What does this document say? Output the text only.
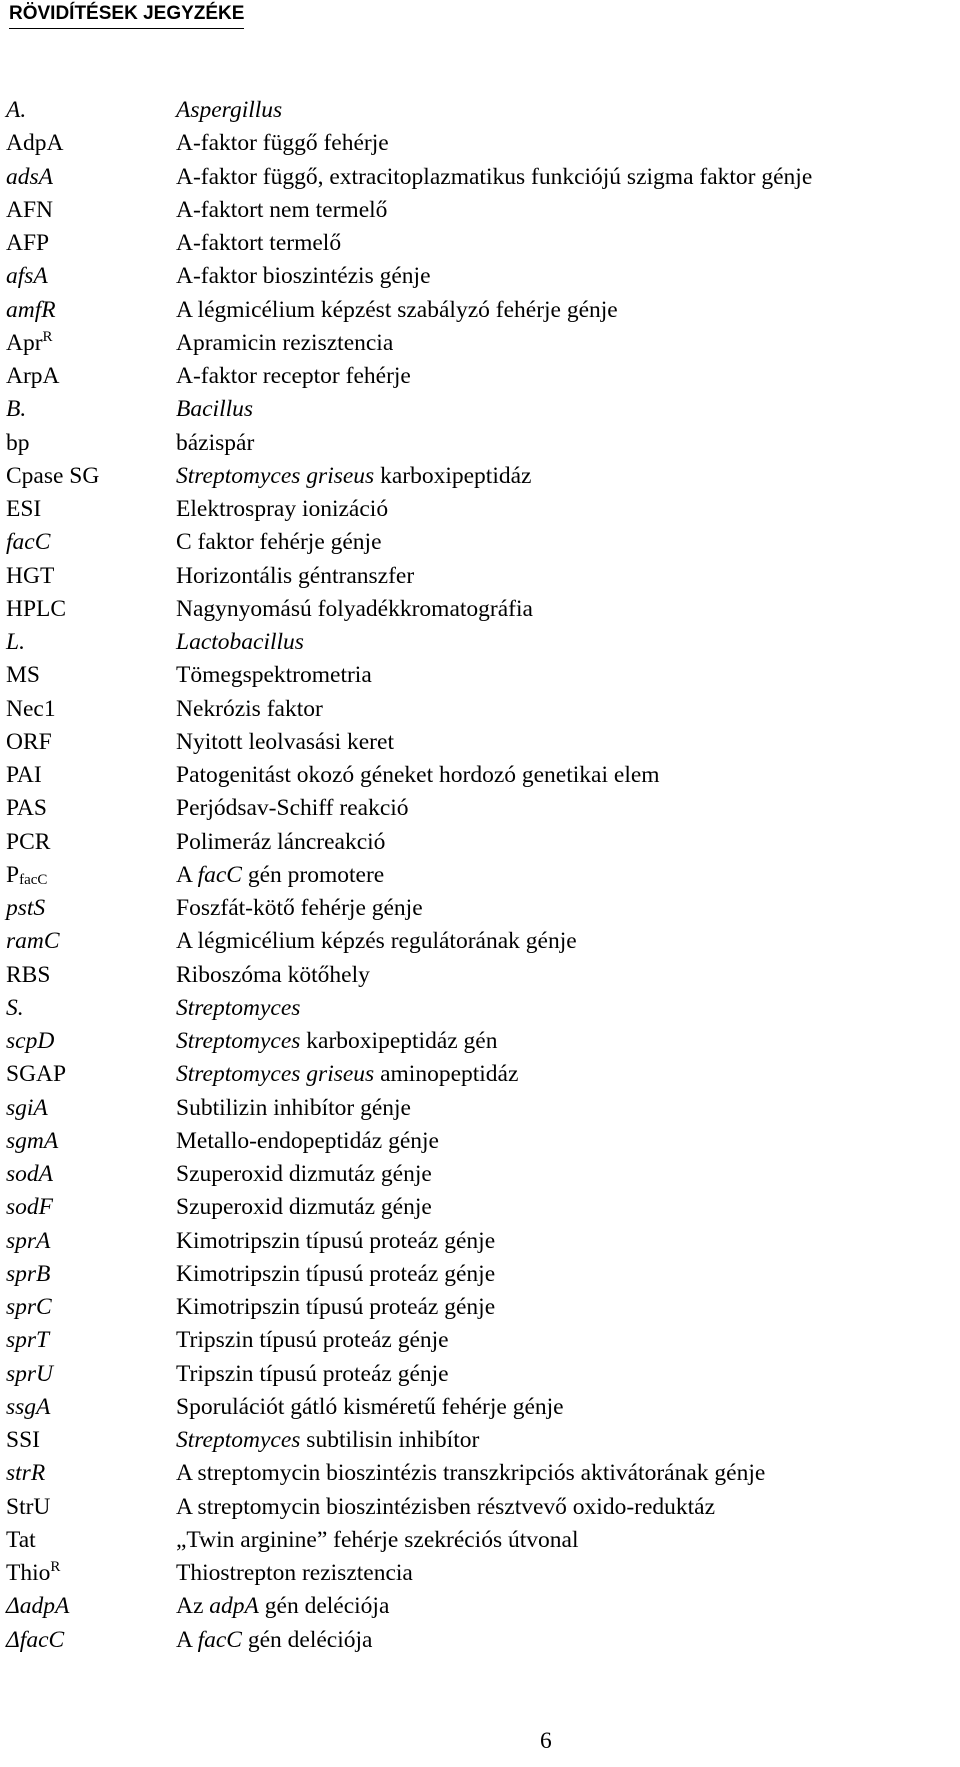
RÖVIDÍTÉSEK JEGYZÉKE
A.	Aspergillus
AdpA	A-faktor függő fehérje
adsA	A-faktor függő, extracitoplazmatikus funkciójú szigma faktor génje
AFN	A-faktort nem termelő
AFP	A-faktort termelő
afsA	A-faktor bioszintézis génje
amfR	A légmicélium képzést szabályzó fehérje génje
Apr$^R$	Apramicin rezisztencia
ArpA	A-faktor receptor fehérje
B.	Bacillus
bp	bázispár
Cpase SG	Streptomyces griseus karboxipeptidáz
ESI	Elektrospray ionizáció
facC	C faktor fehérje génje
HGT	Horizontális géntranszfer
HPLC	Nagynyomású folyadékkromatográfia
L.	Lactobacillus
MS	Tömegspektrometria
Nec1	Nekrózis faktor
ORF	Nyitott leolvasási keret
PAI	Patogenitást okozó géneket hordozó genetikai elem
PAS	Perjódsav-Schiff reakció
PCR	Polimeráz láncreakció
$P_{facC}$	A facC gén promotere
pstS	Foszfát-kötő fehérje génje
ramC	A légmicélium képzés regulátorának génje
RBS	Riboszóma kötőhely
S.	Streptomyces
scpD	Streptomyces karboxipeptidáz gén
SGAP	Streptomyces griseus aminopeptidáz
sgiA	Subtilizin inhibítor génje
sgmA	Metallo-endopeptidáz génje
sodA	Szuperoxid dizmutáz génje
sodF	Szuperoxid dizmutáz génje
sprA	Kimotripszin típusú proteáz génje
sprB	Kimotripszin típusú proteáz génje
sprC	Kimotripszin típusú proteáz génje
sprT	Tripszin típusú proteáz génje
sprU	Tripszin típusú proteáz génje
ssgA	Sporulációt gátló kisméretű fehérje génje
SSI	Streptomyces subtilisin inhibítor
strR	A streptomycin bioszintézis transzkripciós aktivátorának génje
StrU	A streptomycin bioszintézisben résztvevő oxido-reduktáz
Tat	„Twin arginine” fehérje szekréciós útvonal
Thio$^R$	Thiostrepton rezisztencia
ΔadpA	Az adpA gén deléciója
ΔfacC	A facC gén deléciója
6
